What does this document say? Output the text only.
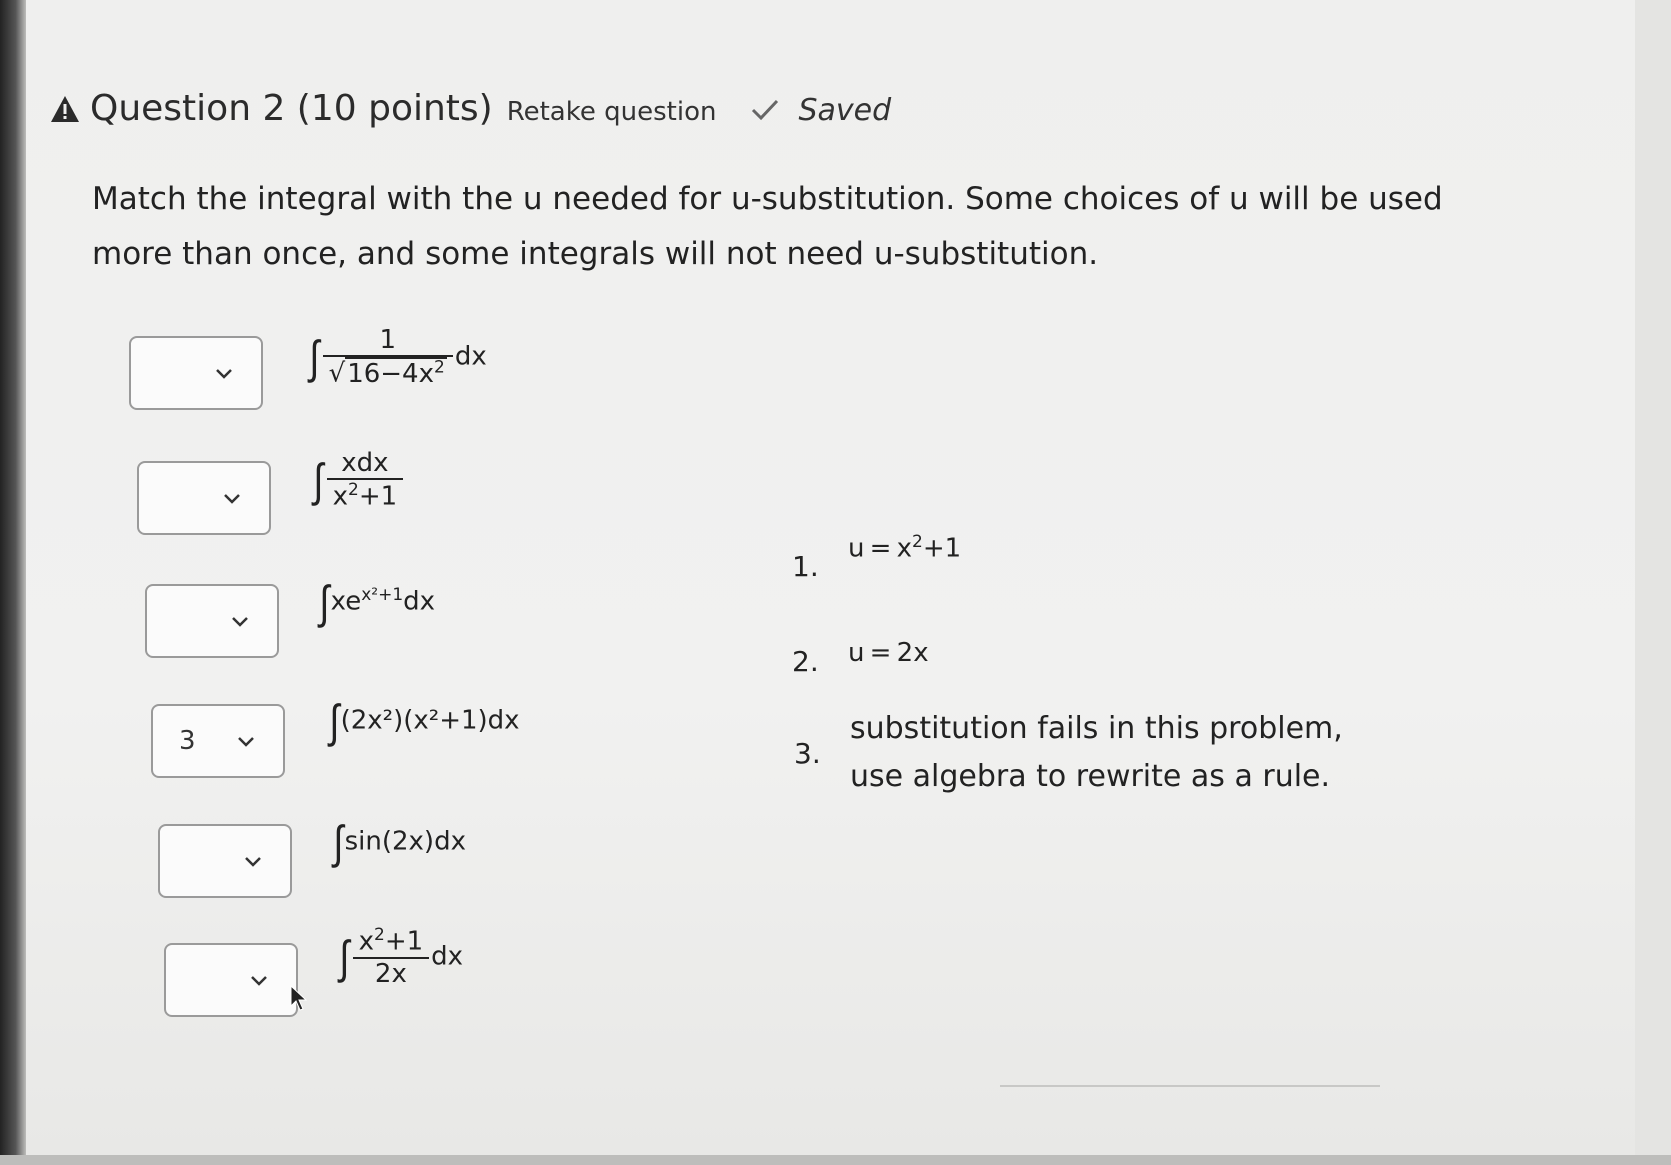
Question 2 (10 points) Retake question	Saved
Match the integral with the u needed for u-substitution. Some choices of u will be used more than once, and some integrals will not need u-substitution.
∫ $\frac{1}{√16-4x^2}$ dx
∫ $\frac{\text{xdx}}{x^2+1}$
$\int xe^{x^2+1}dx$
3	∫(2x²)(x²+1)dx
∫sin(2x)dx
∫ $\frac{x^2+1}{2x}$ dx
1.
$u = x^2+1$
2. u = 2x
3.
substitution fails in this problem, use algebra to rewrite as a rule.
